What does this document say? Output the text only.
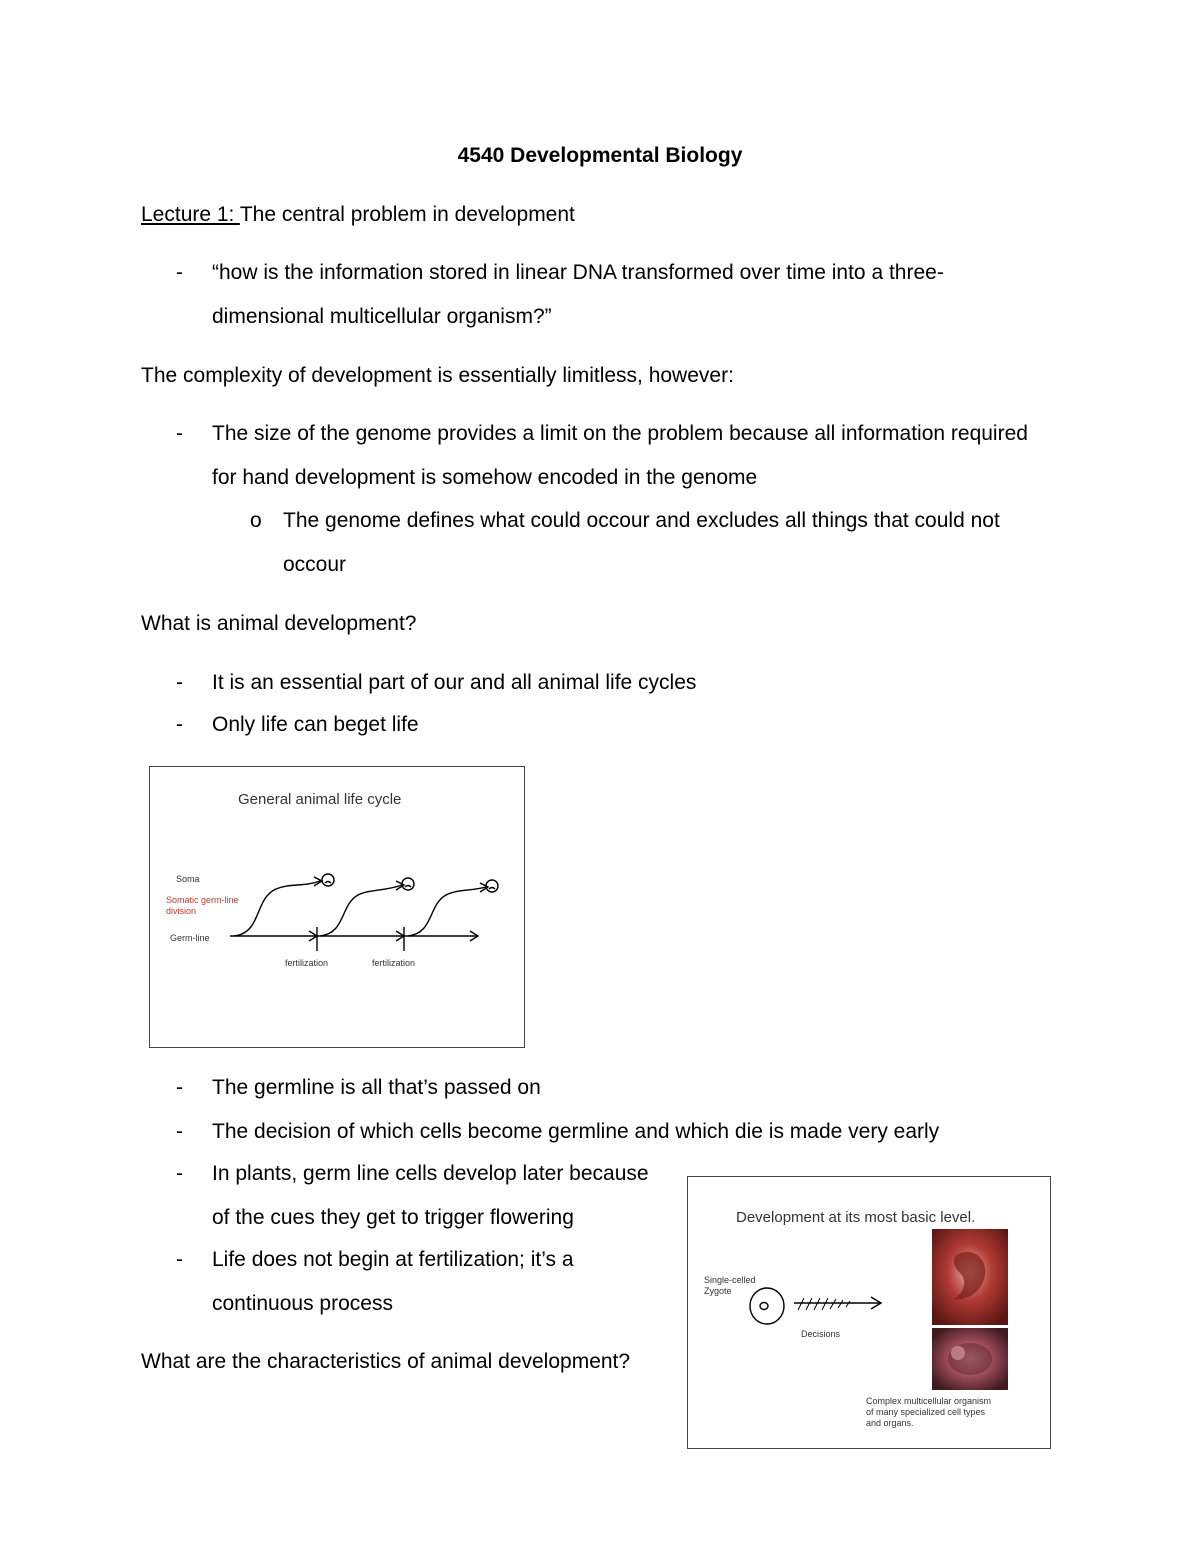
4540 Developmental Biology
Lecture 1: The central problem in development
- “how is the information stored in linear DNA transformed over time into a three-
dimensional multicellular organism?”
The complexity of development is essentially limitless, however:
- The size of the genome provides a limit on the problem because all information required
for hand development is somehow encoded in the genome
o The genome defines what could occour and excludes all things that could not
occour
What is animal development?
- It is an essential part of our and all animal life cycles
- Only life can beget life
General animal life cycle
Soma
Somatic germ-line
division
Germ-line
fertilization	fertilization
- The germline is all that’s passed on
- The decision of which cells become germline and which die is made very early
- In plants, germ line cells develop later because
of the cues they get to trigger flowering
- Life does not begin at fertilization; it’s a
continuous process
What are the characteristics of animal development?
Development at its most basic level.
Single-celled
Zygote
Decisions
Complex multicellular organism
of many specialized cell types
and organs.
